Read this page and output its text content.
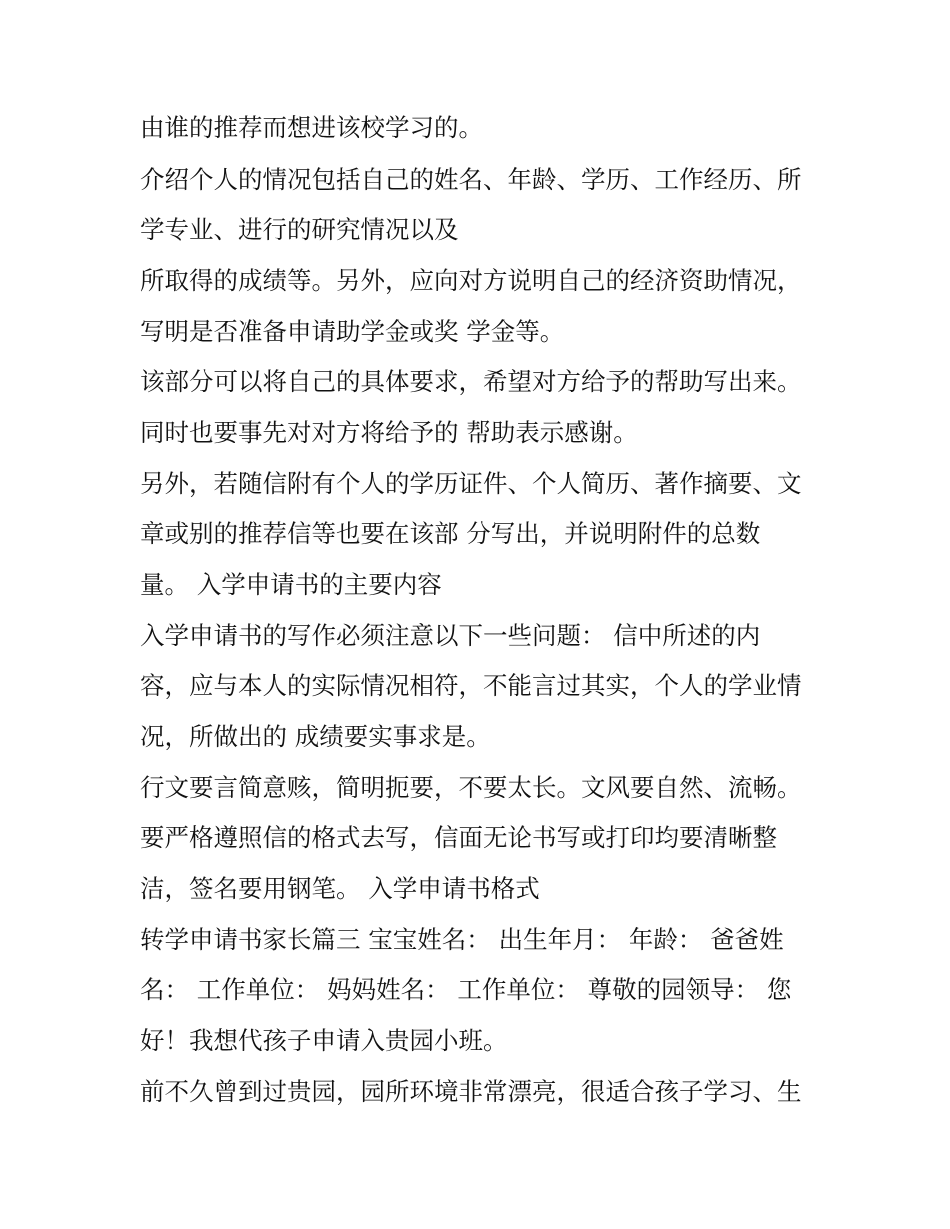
由谁的推荐而想进该校学习的。
介绍个人的情况包括自己的姓名、年龄、学历、工作经历、所
学专业、进行的研究情况以及
所取得的成绩等。另外，应向对方说明自己的经济资助情况，
写明是否准备申请助学金或奖 学金等。
该部分可以将自己的具体要求，希望对方给予的帮助写出来。
同时也要事先对对方将给予的 帮助表示感谢。
另外，若随信附有个人的学历证件、个人简历、著作摘要、文
章或别的推荐信等也要在该部 分写出，并说明附件的总数
量。 入学申请书的主要内容
入学申请书的写作必须注意以下一些问题： 信中所述的内
容，应与本人的实际情况相符，不能言过其实，个人的学业情
况，所做出的 成绩要实事求是。
行文要言简意赅，简明扼要，不要太长。文风要自然、流畅。
要严格遵照信的格式去写，信面无论书写或打印均要清晰整
洁，签名要用钢笔。 入学申请书格式
转学申请书家长篇三 宝宝姓名： 出生年月： 年龄： 爸爸姓
名： 工作单位： 妈妈姓名： 工作单位： 尊敬的园领导： 您
好！我想代孩子申请入贵园小班。
前不久曾到过贵园，园所环境非常漂亮，很适合孩子学习、生
